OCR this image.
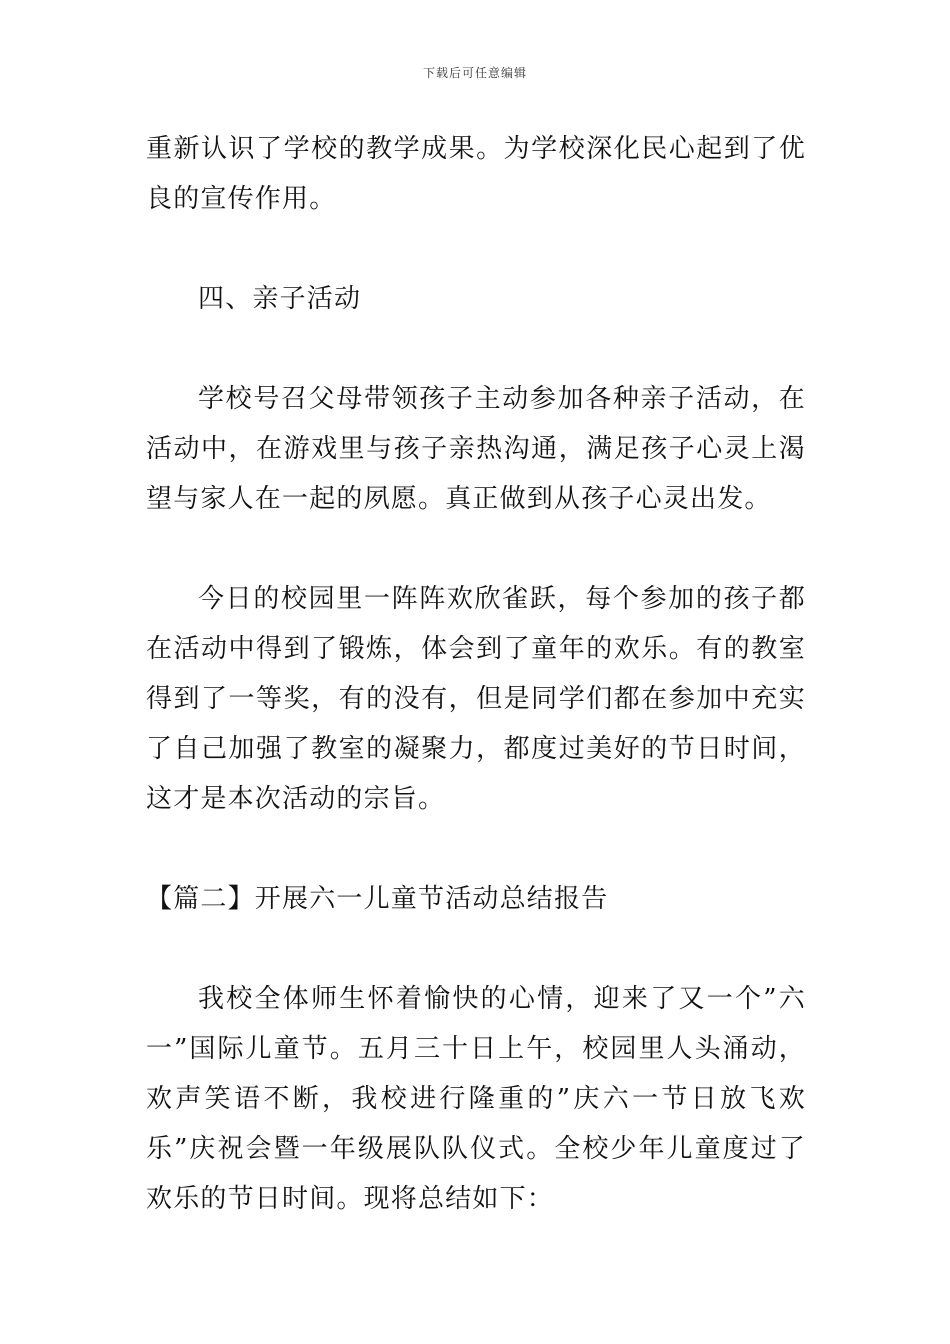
下载后可任意编辑

重新认识了学校的教学成果。为学校深化民心起到了优良的宣传作用。

四、亲子活动

学校号召父母带领孩子主动参加各种亲子活动，在活动中，在游戏里与孩子亲热沟通，满足孩子心灵上渴望与家人在一起的夙愿。真正做到从孩子心灵出发。

今日的校园里一阵阵欢欣雀跃，每个参加的孩子都在活动中得到了锻炼，体会到了童年的欢乐。有的教室得到了一等奖，有的没有，但是同学们都在参加中充实了自己加强了教室的凝聚力，都度过美好的节日时间，这才是本次活动的宗旨。

【篇二】开展六一儿童节活动总结报告

我校全体师生怀着愉快的心情，迎来了又一个”六一”国际儿童节。五月三十日上午，校园里人头涌动，欢声笑语不断，我校进行隆重的”庆六一节日放飞欢乐”庆祝会暨一年级展队队仪式。全校少年儿童度过了欢乐的节日时间。现将总结如下：
